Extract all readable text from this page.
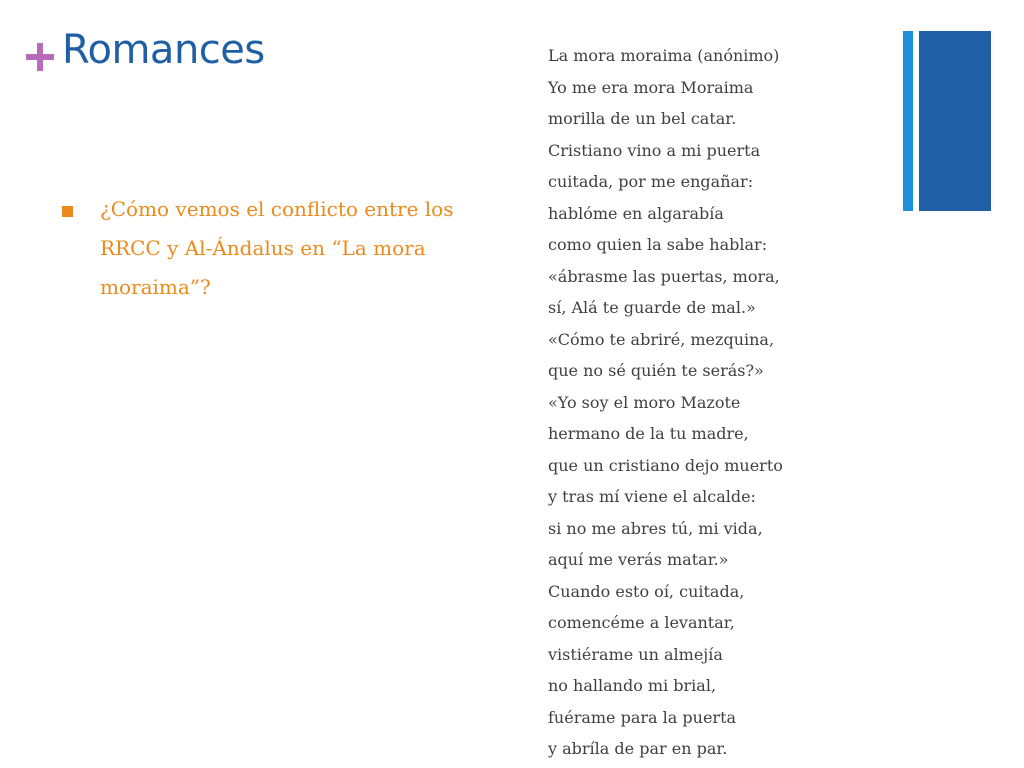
Romances

¿Cómo vemos el conflicto entre los RRCC y Al-Ándalus en “La mora moraima”?

La mora moraima (anónimo)
Yo me era mora Moraima
morilla de un bel catar.
Cristiano vino a mi puerta
cuitada, por me engañar:
hablóme en algarabía
como quien la sabe hablar:
«ábrasme las puertas, mora,
sí, Alá te guarde de mal.»
«Cómo te abriré, mezquina,
que no sé quién te serás?»
«Yo soy el moro Mazote
hermano de la tu madre,
que un cristiano dejo muerto
y tras mí viene el alcalde:
si no me abres tú, mi vida,
aquí me verás matar.»
Cuando esto oí, cuitada,
comencéme a levantar,
vistiérame un almejía
no hallando mi brial,
fuérame para la puerta
y abríla de par en par.
